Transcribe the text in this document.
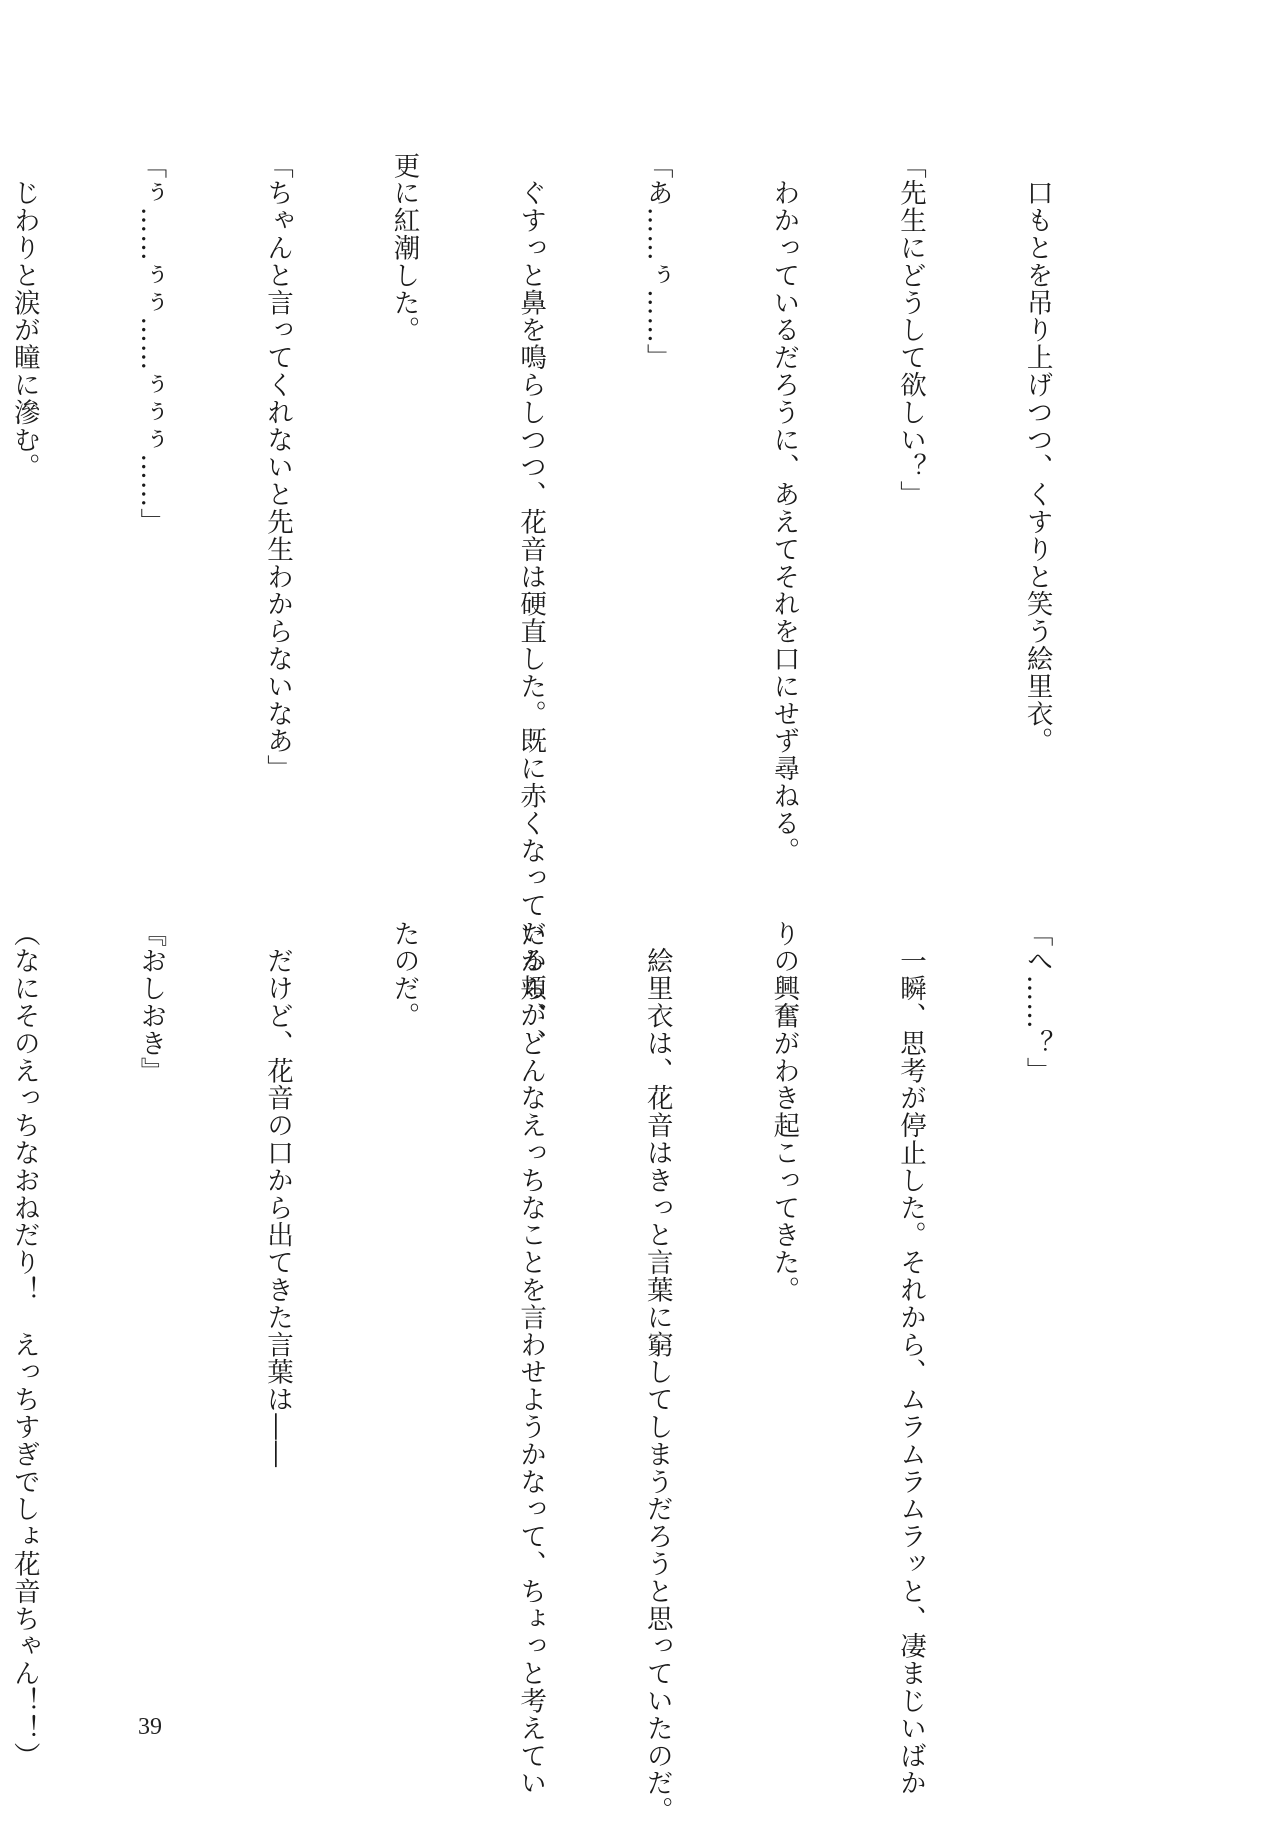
　口もとを吊り上げつつ、くすりと笑う絵里衣。

「先生にどうして欲しい？」

　わかっているだろうに、あえてそれを口にせず尋ねる。

「あ……ぅ……」

　ぐすっと鼻を鳴らしつつ、花音は硬直した。既に赤くなっている頬が、

更に紅潮した。

「ちゃんと言ってくれないと先生わからないなあ」

「ぅ……ぅぅ……ぅぅぅ……」

　じわりと涙が瞳に滲む。

「へ……？」

　一瞬、思考が停止した。それから、ムラムラムラッと、凄まじいばか

りの興奮がわき起こってきた。

　絵里衣は、花音はきっと言葉に窮してしまうだろうと思っていたのだ。

だから、どんなえっちなことを言わせようかなって、ちょっと考えてい

たのだ。

　だけど、花音の口から出てきた言葉は――

『おしおき』

（なにそのえっちなおねだり！　えっちすぎでしょ花音ちゃん！！）

	39
